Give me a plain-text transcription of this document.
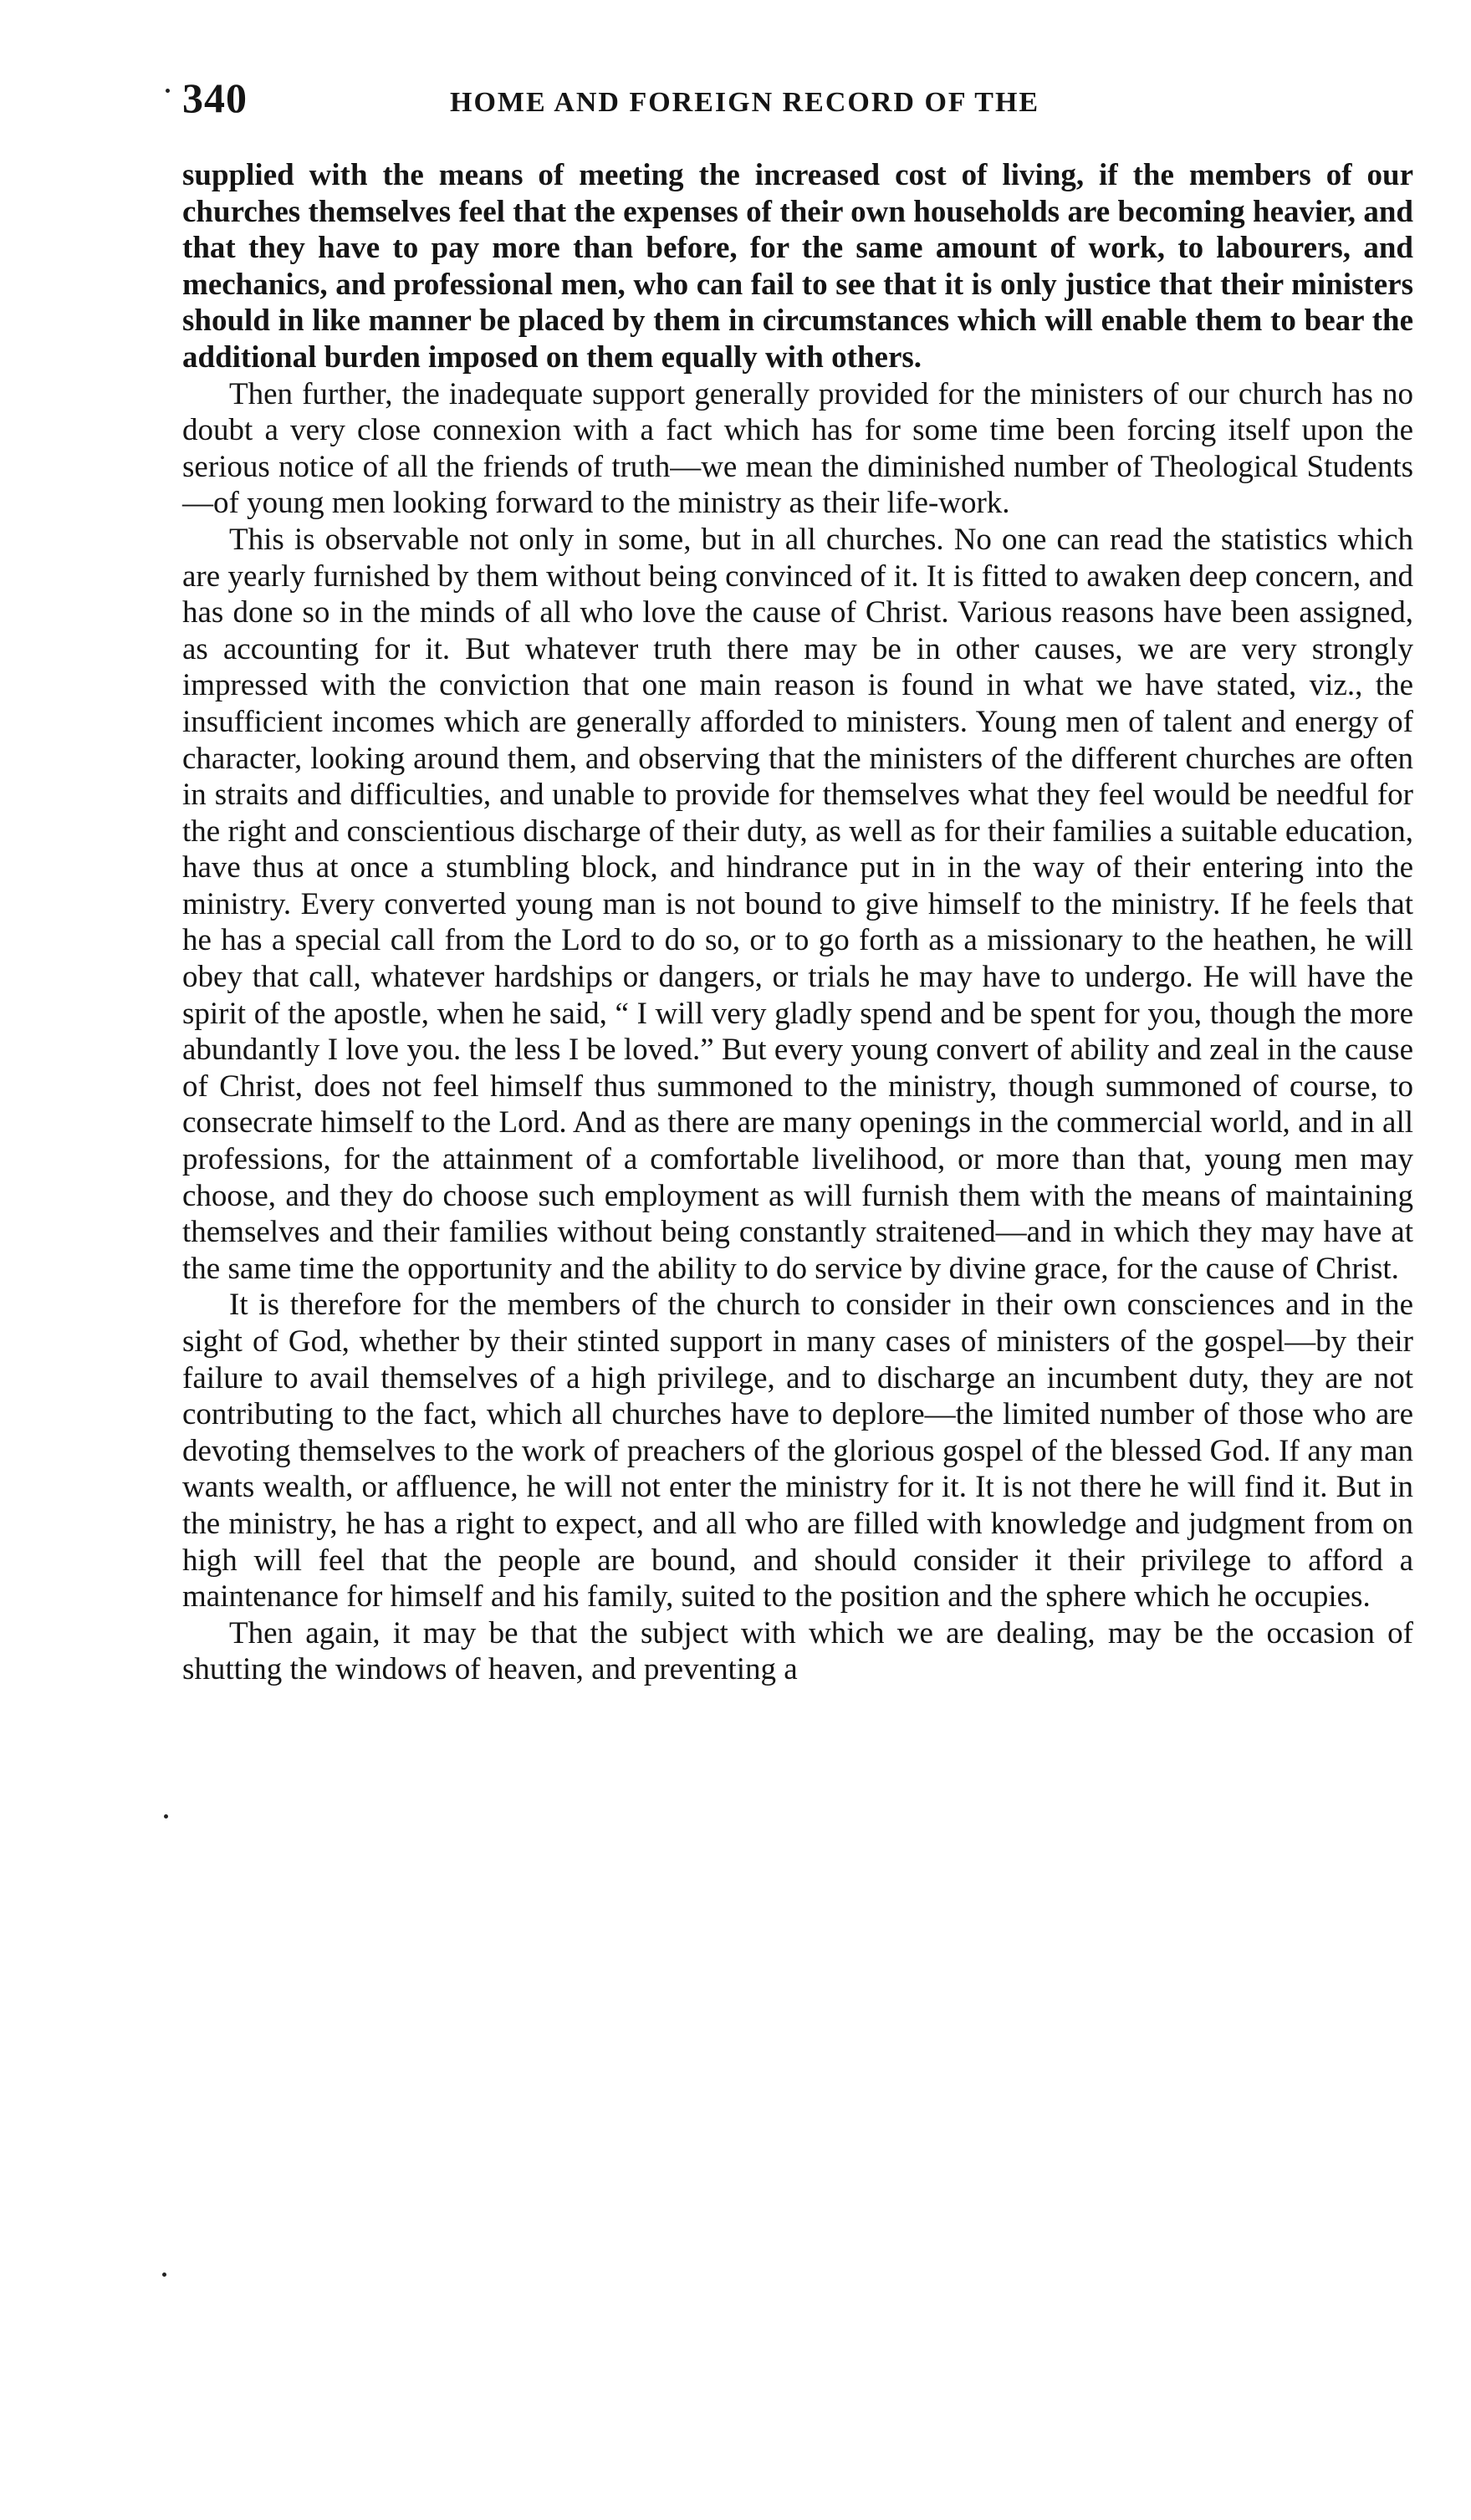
340	HOME AND FOREIGN RECORD OF THE

supplied with the means of meeting the increased cost of living, if the members of our churches themselves feel that the expenses of their own households are becoming heavier, and that they have to pay more than before, for the same amount of work, to labourers, and mechanics, and professional men, who can fail to see that it is only justice that their ministers should in like manner be placed by them in circumstances which will enable them to bear the additional burden imposed on them equally with others.

Then further, the inadequate support generally provided for the ministers of our church has no doubt a very close connexion with a fact which has for some time been forcing itself upon the serious notice of all the friends of truth—we mean the diminished number of Theological Students —of young men looking forward to the ministry as their life-work.

This is observable not only in some, but in all churches. No one can read the statistics which are yearly furnished by them without being convinced of it. It is fitted to awaken deep concern, and has done so in the minds of all who love the cause of Christ. Various reasons have been assigned, as accounting for it. But whatever truth there may be in other causes, we are very strongly impressed with the conviction that one main reason is found in what we have stated, viz., the insufficient incomes which are generally afforded to ministers. Young men of talent and energy of character, looking around them, and observing that the ministers of the different churches are often in straits and difficulties, and unable to provide for themselves what they feel would be needful for the right and conscientious discharge of their duty, as well as for their families a suitable education, have thus at once a stumbling block, and hindrance put in in the way of their entering into the ministry. Every converted young man is not bound to give himself to the ministry. If he feels that he has a special call from the Lord to do so, or to go forth as a missionary to the heathen, he will obey that call, whatever hardships or dangers, or trials he may have to undergo. He will have the spirit of the apostle, when he said, “ I will very gladly spend and be spent for you, though the more abundantly I love you. the less I be loved.” But every young convert of ability and zeal in the cause of Christ, does not feel himself thus summoned to the ministry, though summoned of course, to consecrate himself to the Lord. And as there are many openings in the commercial world, and in all professions, for the attainment of a comfortable livelihood, or more than that, young men may choose, and they do choose such employment as will furnish them with the means of maintaining themselves and their families without being constantly straitened—and in which they may have at the same time the opportunity and the ability to do service by divine grace, for the cause of Christ.

It is therefore for the members of the church to consider in their own consciences and in the sight of God, whether by their stinted support in many cases of ministers of the gospel—by their failure to avail themselves of a high privilege, and to discharge an incumbent duty, they are not contributing to the fact, which all churches have to deplore—the limited number of those who are devoting themselves to the work of preachers of the glorious gospel of the blessed God. If any man wants wealth, or affluence, he will not enter the ministry for it. It is not there he will find it. But in the ministry, he has a right to expect, and all who are filled with knowledge and judgment from on high will feel that the people are bound, and should consider it their privilege to afford a maintenance for himself and his family, suited to the position and the sphere which he occupies.

Then again, it may be that the subject with which we are dealing, may be the occasion of shutting the windows of heaven, and preventing a
